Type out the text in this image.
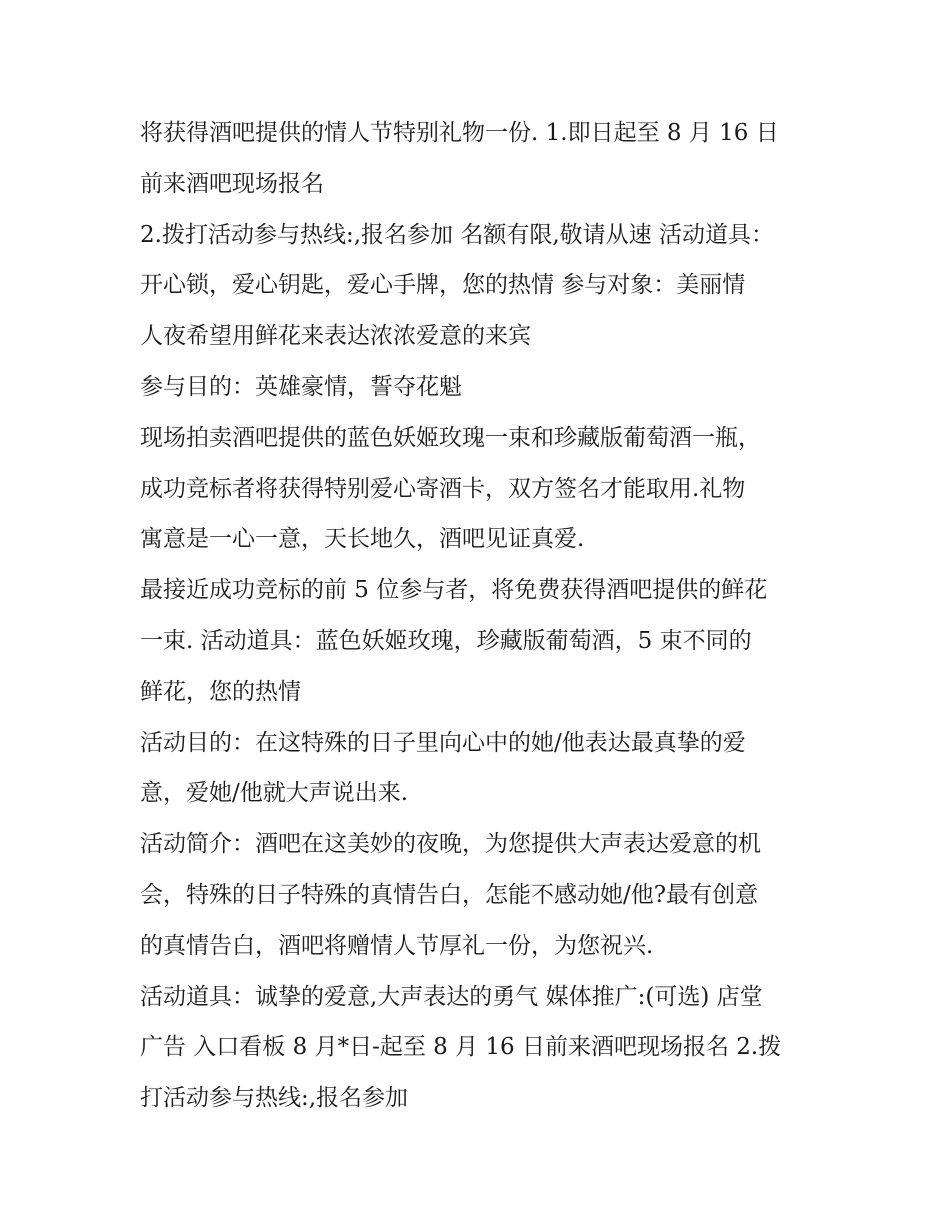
将获得酒吧提供的情人节特别礼物一份. 1.即日起至 8 月 16 日

前来酒吧现场报名

2.拨打活动参与热线:,报名参加 名额有限,敬请从速 活动道具：

开心锁，爱心钥匙，爱心手牌，您的热情 参与对象：美丽情

人夜希望用鲜花来表达浓浓爱意的来宾

参与目的：英雄豪情，誓夺花魁

现场拍卖酒吧提供的蓝色妖姬玫瑰一束和珍藏版葡萄酒一瓶，

成功竞标者将获得特别爱心寄酒卡，双方签名才能取用.礼物

寓意是一心一意，天长地久，酒吧见证真爱.

最接近成功竞标的前 5 位参与者，将免费获得酒吧提供的鲜花

一束. 活动道具：蓝色妖姬玫瑰，珍藏版葡萄酒，5 束不同的

鲜花，您的热情

活动目的：在这特殊的日子里向心中的她/他表达最真挚的爱

意，爱她/他就大声说出来.

活动简介：酒吧在这美妙的夜晚，为您提供大声表达爱意的机

会，特殊的日子特殊的真情告白，怎能不感动她/他?最有创意

的真情告白，酒吧将赠情人节厚礼一份，为您祝兴.

活动道具：诚挚的爱意,大声表达的勇气 媒体推广:(可选) 店堂

广告 入口看板 8 月*日-起至 8 月 16 日前来酒吧现场报名 2.拨

打活动参与热线:,报名参加
